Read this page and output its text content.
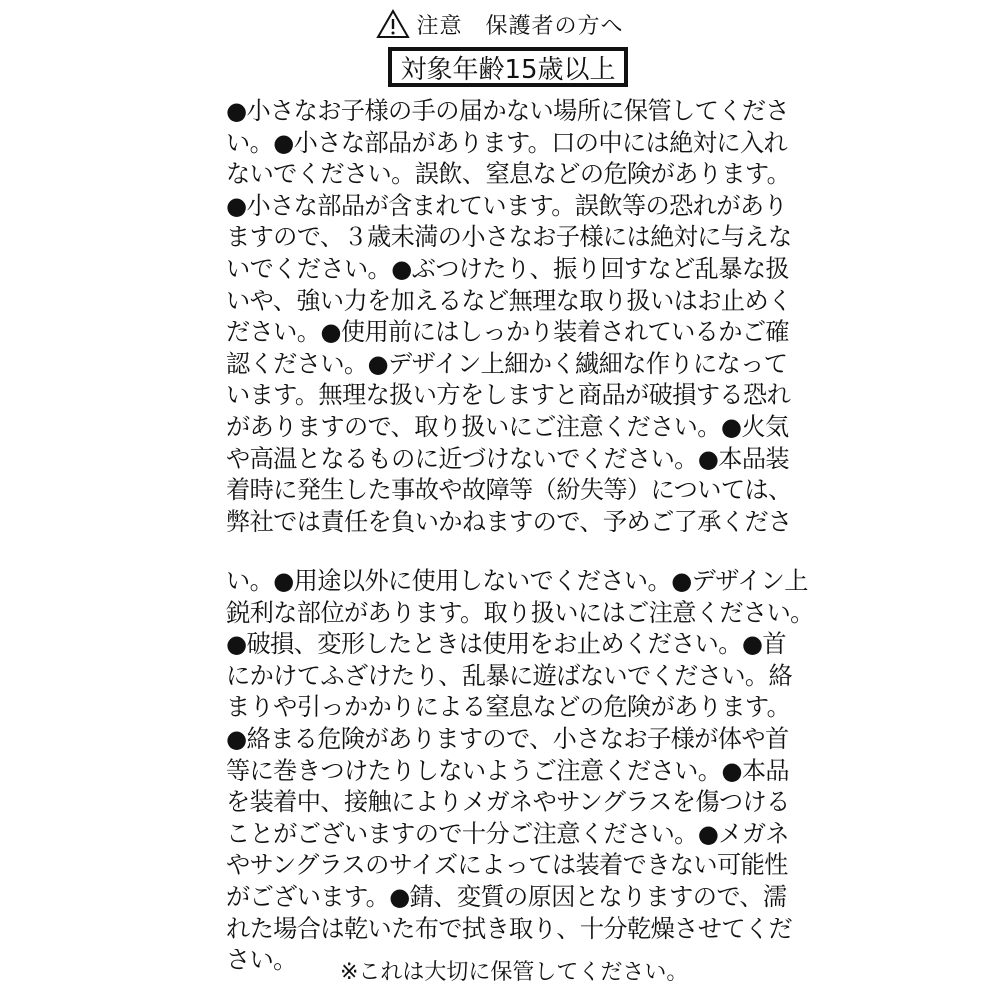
注意　保護者の方へ
対象年齢15歳以上
●小さなお子様の手の届かない場所に保管してくださ
い。●小さな部品があります。口の中には絶対に入れ
ないでください。誤飲、窒息などの危険があります。
●小さな部品が含まれています。誤飲等の恐れがあり
ますので、３歳未満の小さなお子様には絶対に与えな
いでください。●ぶつけたり、振り回すなど乱暴な扱
いや、強い力を加えるなど無理な取り扱いはお止めく
ださい。●使用前にはしっかり装着されているかご確
認ください。●デザイン上細かく繊細な作りになって
います。無理な扱い方をしますと商品が破損する恐れ
がありますので、取り扱いにご注意ください。●火気
や高温となるものに近づけないでください。●本品装
着時に発生した事故や故障等（紛失等）については、
弊社では責任を負いかねますので、予めご了承くださ
い。●用途以外に使用しないでください。●デザイン上
鋭利な部位があります。取り扱いにはご注意ください。
●破損、変形したときは使用をお止めください。●首
にかけてふざけたり、乱暴に遊ばないでください。絡
まりや引っかかりによる窒息などの危険があります。
●絡まる危険がありますので、小さなお子様が体や首
等に巻きつけたりしないようご注意ください。●本品
を装着中、接触によりメガネやサングラスを傷つける
ことがございますので十分ご注意ください。●メガネ
やサングラスのサイズによっては装着できない可能性
がございます。●錆、変質の原因となりますので、濡
れた場合は乾いた布で拭き取り、十分乾燥させてくだ
さい。	※これは大切に保管してください。
